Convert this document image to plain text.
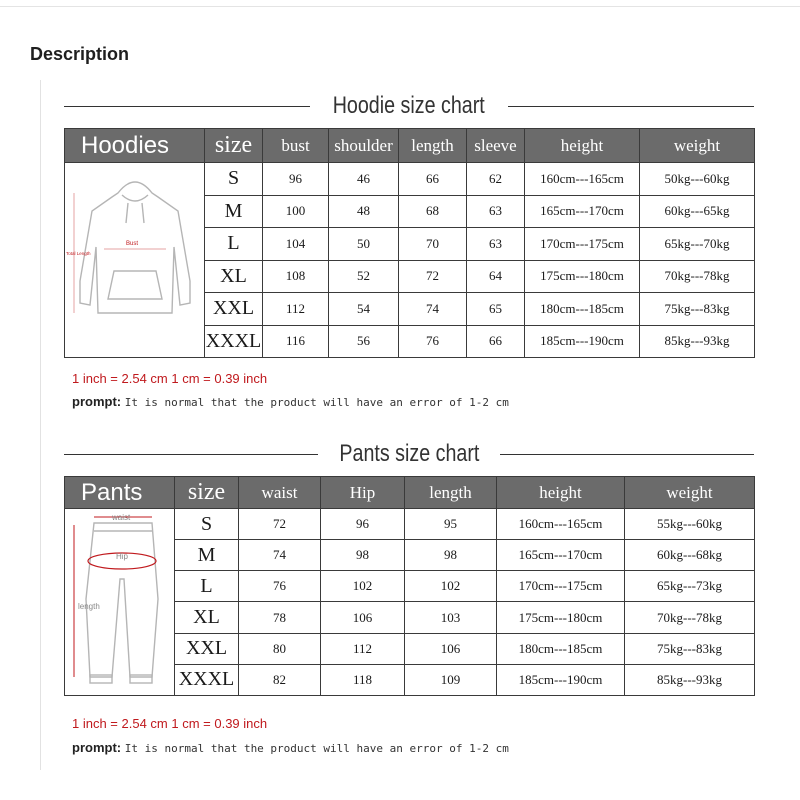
Description
Hoodie size chart
Hoodies	size	bust	shoulder	length	sleeve	height	weight

Bust
Total Length	S	96	46	66	62	160cm---165cm	50kg---60kg
	M	100	48	68	63	165cm---170cm	60kg---65kg
	L	104	50	70	63	170cm---175cm	65kg---70kg
	XL	108	52	72	64	175cm---180cm	70kg---78kg
	XXL	112	54	74	65	180cm---185cm	75kg---83kg
	XXXL	116	56	76	66	185cm---190cm	85kg---93kg
1 inch = 2.54 cm 1 cm = 0.39 inch
prompt: It is normal that the product will have an error of 1-2 cm
Pants size chart
Pants	size	waist	Hip	length	height	weight

waist
Hip
length	S	72	96	95	160cm---165cm	55kg---60kg
	M	74	98	98	165cm---170cm	60kg---68kg
	L	76	102	102	170cm---175cm	65kg---73kg
	XL	78	106	103	175cm---180cm	70kg---78kg
	XXL	80	112	106	180cm---185cm	75kg---83kg
	XXXL	82	118	109	185cm---190cm	85kg---93kg
1 inch = 2.54 cm 1 cm = 0.39 inch
prompt: It is normal that the product will have an error of 1-2 cm
